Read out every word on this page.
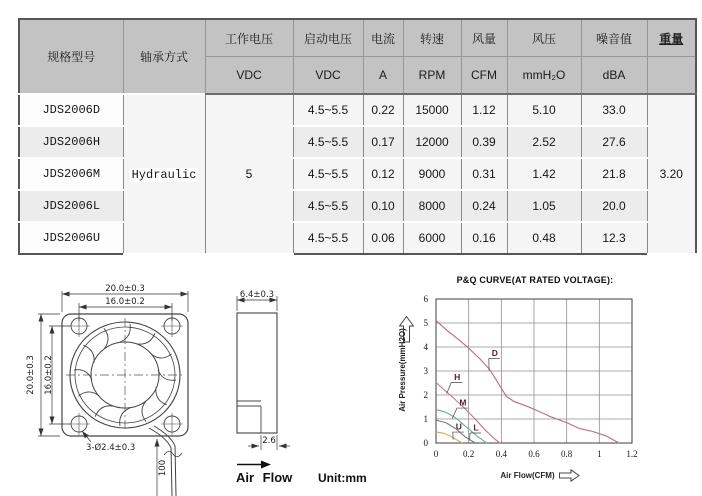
规格型号	轴承方式	工作电压	启动电压	电流	转速	风量	风压	噪音值	重量
		VDC	VDC	A	RPM	CFM	mmH₂O	dBA	
JDS2006D	Hydraulic	5	4.5~5.5	0.22	15000	1.12	5.10	33.0	3.20
JDS2006H			4.5~5.5	0.17	12000	0.39	2.52	27.6	
JDS2006M			4.5~5.5	0.12	9000	0.31	1.42	21.8	
JDS2006L			4.5~5.5	0.10	8000	0.24	1.05	20.0	
JDS2006U			4.5~5.5	0.06	6000	0.16	0.48	12.3	
20.0±0.3
16.0±0.2
20.0±0.3 16.0±0.2
3-Ø2.4±0.3
100
6.4±0.3
2.6
Air Flow Unit:mm
P&Q CURVE(AT RATED VOLTAGE):
0	0.2 0.4 0.6 0.8	1	1.2
0
1
2
3
4
5
6
D
H
M
L
U
Air Pressure(mmH2O)
Air Flow(CFM)
